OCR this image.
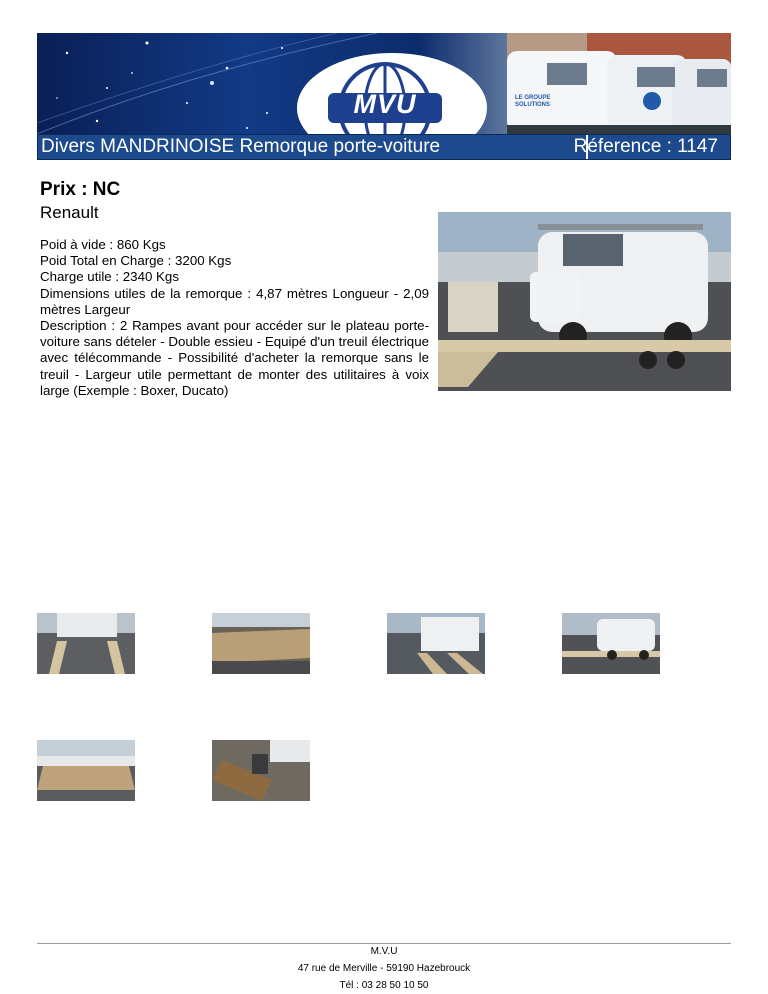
MVU	LE GROUPE SOLUTIONS
Divers MANDRINOISE Remorque porte-voiture	Réference : 1147
Prix : NC
Renault
Poid à vide : 860 Kgs
Poid Total en Charge : 3200 Kgs
Charge utile : 2340 Kgs
Dimensions utiles de la remorque : 4,87 mètres Longueur - 2,09 mètres Largeur
Description : 2 Rampes avant pour accéder sur le plateau porte-voiture sans dételer - Double essieu - Equipé d'un treuil électrique avec télécommande - Possibilité d'acheter la remorque sans le treuil - Largeur utile permettant de monter des utilitaires à voix large (Exemple : Boxer, Ducato)
M.V.U
47 rue de Merville - 59190 Hazebrouck
Tél : 03 28 50 10 50
